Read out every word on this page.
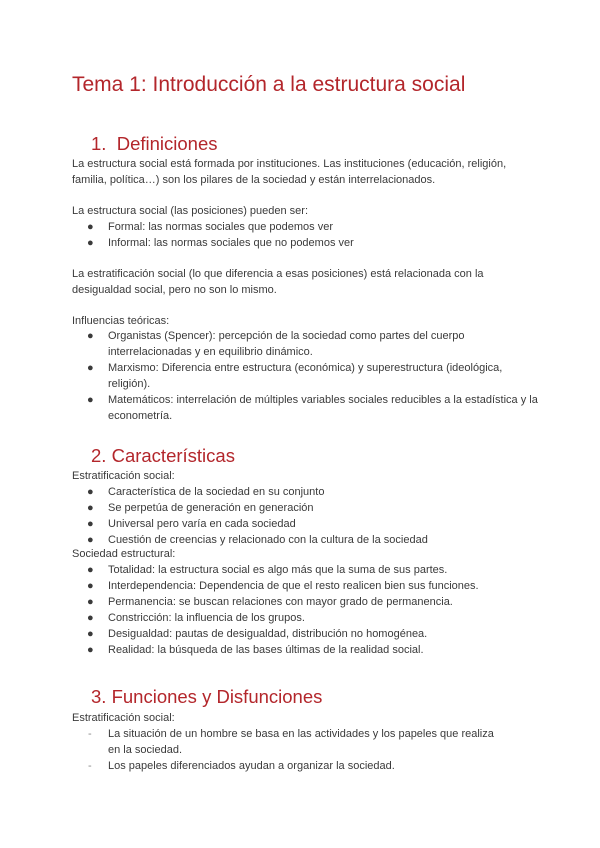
Tema 1: Introducción a la estructura social
1. Definiciones

La estructura social está formada por instituciones. Las instituciones (educación, religión, familia, política…) son los pilares de la sociedad y están interrelacionados.

La estructura social (las posiciones) pueden ser:

● Formal: las normas sociales que podemos ver
● Informal: las normas sociales que no podemos ver

La estratificación social (lo que diferencia a esas posiciones) está relacionada con la desigualdad social, pero no son lo mismo.

Influencias teóricas:

● Organistas (Spencer): percepción de la sociedad como partes del cuerpo interrelacionadas y en equilibrio dinámico.
● Marxismo: Diferencia entre estructura (económica) y superestructura (ideológica, religión).
● Matemáticos: interrelación de múltiples variables sociales reducibles a la estadística y la econometría.
2. Características

Estratificación social:

● Característica de la sociedad en su conjunto
● Se perpetúa de generación en generación
● Universal pero varía en cada sociedad
● Cuestión de creencias y relacionado con la cultura de la sociedad

Sociedad estructural:

● Totalidad: la estructura social es algo más que la suma de sus partes.
● Interdependencia: Dependencia de que el resto realicen bien sus funciones.
● Permanencia: se buscan relaciones con mayor grado de permanencia.
● Constricción: la influencia de los grupos.
● Desigualdad: pautas de desigualdad, distribución no homogénea.
● Realidad: la búsqueda de las bases últimas de la realidad social.
3. Funciones y Disfunciones

Estratificación social:

- La situación de un hombre se basa en las actividades y los papeles que realiza en la sociedad.
- Los papeles diferenciados ayudan a organizar la sociedad.
